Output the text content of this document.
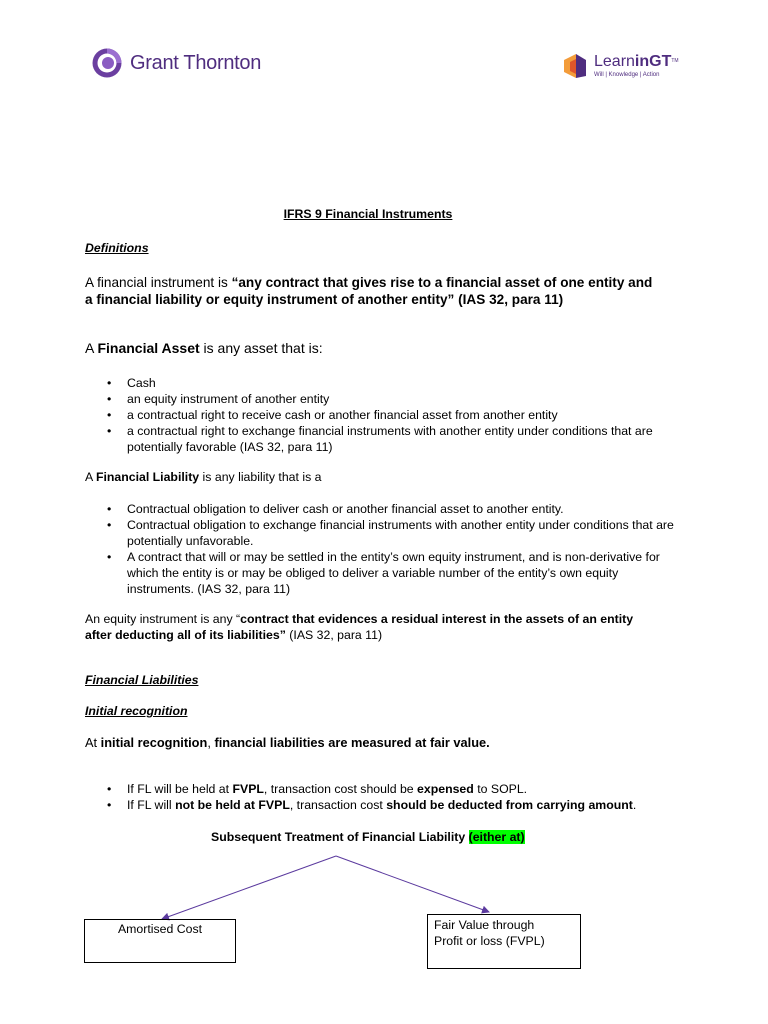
Grant Thornton	LearninGT™
Will | Knowledge | Action
IFRS 9 Financial Instruments
Definitions
A financial instrument is “any contract that gives rise to a financial asset of one entity and
a financial liability or equity instrument of another entity” (IAS 32, para 11)
A Financial Asset is any asset that is:
• Cash
• an equity instrument of another entity
• a contractual right to receive cash or another financial asset from another entity
• a contractual right to exchange financial instruments with another entity under conditions that are potentially favorable (IAS 32, para 11)
A Financial Liability is any liability that is a
• Contractual obligation to deliver cash or another financial asset to another entity.
• Contractual obligation to exchange financial instruments with another entity under conditions that are potentially unfavorable.
• A contract that will or may be settled in the entity’s own equity instrument, and is non-derivative for which the entity is or may be obliged to deliver a variable number of the entity’s own equity instruments. (IAS 32, para 11)
An equity instrument is any “contract that evidences a residual interest in the assets of an entity
after deducting all of its liabilities” (IAS 32, para 11)
Financial Liabilities
Initial recognition
At initial recognition, financial liabilities are measured at fair value.
• If FL will be held at FVPL, transaction cost should be expensed to SOPL.
• If FL will not be held at FVPL, transaction cost should be deducted from carrying amount.
Subsequent Treatment of Financial Liability (either at)
Amortised Cost	Fair Value through
Profit or loss (FVPL)
